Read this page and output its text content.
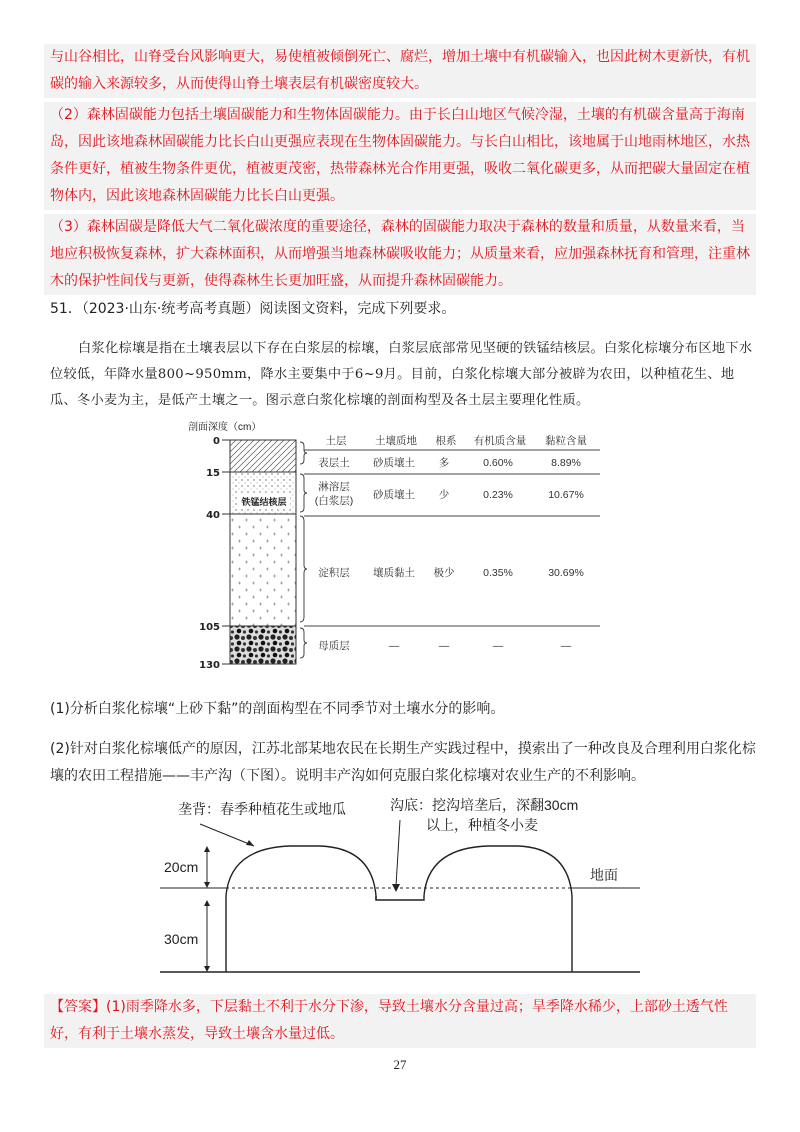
与山谷相比，山脊受台风影响更大，易使植被倾倒死亡、腐烂，增加土壤中有机碳输入，也因此树木更新快，有机碳的输入来源较多，从而使得山脊土壤表层有机碳密度较大。
（2）森林固碳能力包括土壤固碳能力和生物体固碳能力。由于长白山地区气候冷湿，土壤的有机碳含量高于海南岛，因此该地森林固碳能力比长白山更强应表现在生物体固碳能力。与长白山相比，该地属于山地雨林地区，水热条件更好，植被生物条件更优，植被更茂密，热带森林光合作用更强，吸收二氧化碳更多，从而把碳大量固定在植物体内，因此该地森林固碳能力比长白山更强。
（3）森林固碳是降低大气二氧化碳浓度的重要途径，森林的固碳能力取决于森林的数量和质量，从数量来看，当地应积极恢复森林，扩大森林面积，从而增强当地森林碳吸收能力；从质量来看，应加强森林抚育和管理，注重林木的保护性间伐与更新，使得森林生长更加旺盛，从而提升森林固碳能力。
51．（2023·山东·统考高考真题）阅读图文资料，完成下列要求。
白浆化棕壤是指在土壤表层以下存在白浆层的棕壤，白浆层底部常见坚硬的铁锰结核层。白浆化棕壤分布区地下水位较低，年降水量800~950mm，降水主要集中于6~9月。目前，白浆化棕壤大部分被辟为农田，以种植花生、地瓜、冬小麦为主，是低产土壤之一。图示意白浆化棕壤的剖面构型及各土层主要理化性质。
剖面深度（cm）
铁锰结核层
0
15
40
105
130
土层	土壤质地 根系 有机质含量 黏粒含量
表层土 砂质壤土 多	0.60%	8.89%
淋溶层
(白浆层) 砂质壤土 少	0.23%	10.67%
淀积层 壤质黏土 极少	0.35%	30.69%
母质层	—	—	—	—
(1)分析白浆化棕壤“上砂下黏”的剖面构型在不同季节对土壤水分的影响。
(2)针对白浆化棕壤低产的原因，江苏北部某地农民在长期生产实践过程中，摸索出了一种改良及合理利用白浆化棕壤的农田工程措施——丰产沟（下图）。说明丰产沟如何克服白浆化棕壤对农业生产的不利影响。
垄背：春季种植花生或地瓜	沟底：挖沟培垄后，深翻30cm
以上，种植冬小麦
20cm
30cm
地面
【答案】(1)雨季降水多，下层黏土不利于水分下渗，导致土壤水分含量过高；旱季降水稀少，上部砂土透气性好，有利于土壤水蒸发，导致土壤含水量过低。
27
